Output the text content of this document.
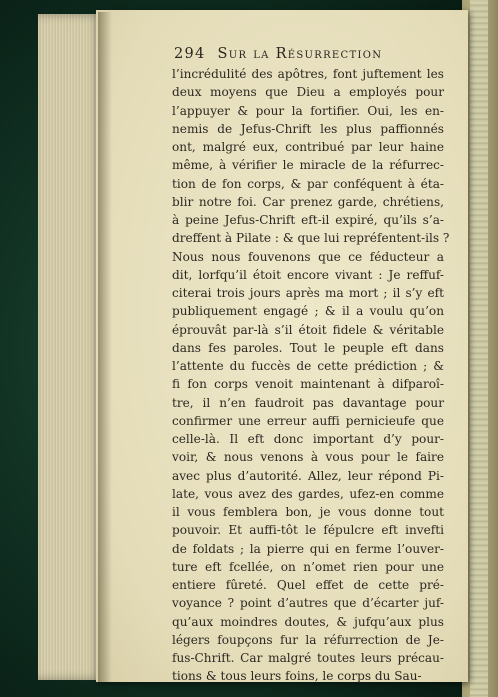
294 Sur la Résurrection
l’incrédulité des apôtres, font juftement les
deux moyens que Dieu a employés pour
l’appuyer & pour la fortifier. Oui, les en-
nemis de Jefus-Chrift les plus paffionnés
ont, malgré eux, contribué par leur haine
même, à vérifier le miracle de la réfurrec-
tion de fon corps, & par conféquent à éta-
blir notre foi. Car prenez garde, chrétiens,
à peine Jefus-Chrift eft-il expiré, qu’ils s’a-
dreffent à Pilate : & que lui repréfentent-ils ?
Nous nous fouvenons que ce féducteur a
dit, lorfqu’il étoit encore vivant : Je reffuf-
citerai trois jours après ma mort ; il s’y eft
publiquement engagé ; & il a voulu qu’on
éprouvât par-là s’il étoit fidele & véritable
dans fes paroles. Tout le peuple eft dans
l’attente du fuccès de cette prédiction ; &
fi fon corps venoit maintenant à difparoî-
tre, il n’en faudroit pas davantage pour
confirmer une erreur auffi pernicieufe que
celle-là. Il eft donc important d’y pour-
voir, & nous venons à vous pour le faire
avec plus d’autorité. Allez, leur répond Pi-
late, vous avez des gardes, ufez-en comme
il vous femblera bon, je vous donne tout
pouvoir. Et auffi-tôt le fépulcre eft invefti
de foldats ; la pierre qui en ferme l’ouver-
ture eft fcellée, on n’omet rien pour une
entiere fûreté. Quel effet de cette pré-
voyance ? point d’autres que d’écarter juf-
qu’aux moindres doutes, & jufqu’aux plus
légers foupçons fur la réfurrection de Je-
fus-Chrift. Car malgré toutes leurs précau-
tions & tous leurs foins, le corps du Sau-
